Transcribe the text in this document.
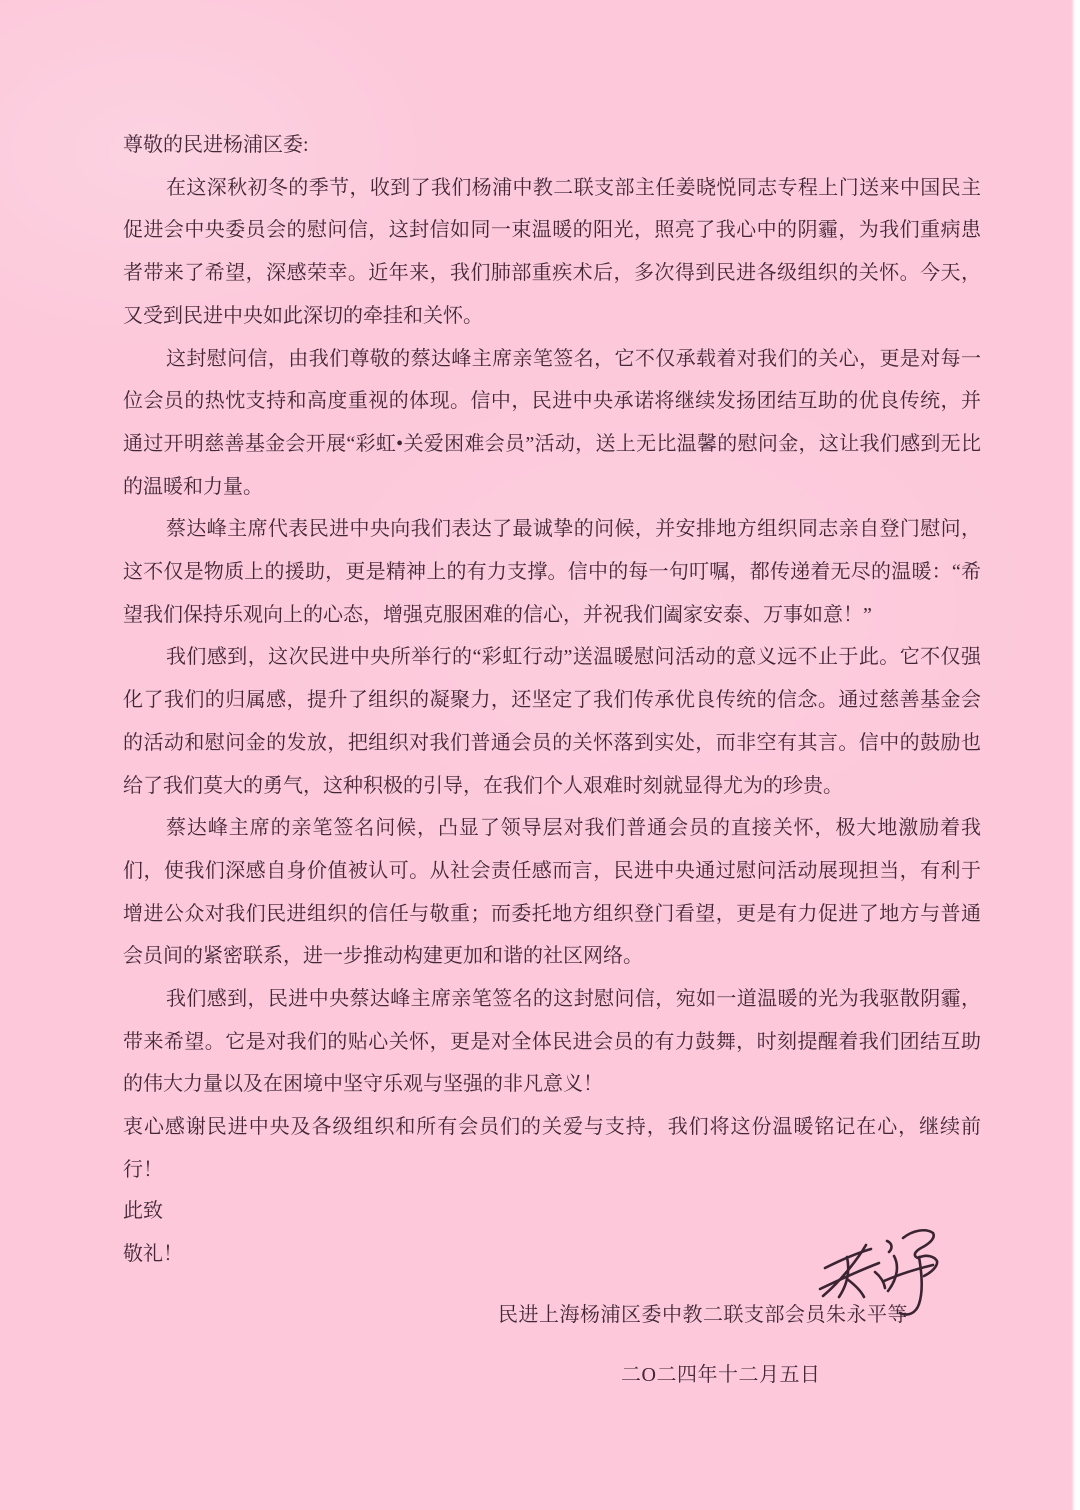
尊敬的民进杨浦区委:

在这深秋初冬的季节，收到了我们杨浦中教二联支部主任姜晓悦同志专程上门送来中国民主促进会中央委员会的慰问信，这封信如同一束温暖的阳光，照亮了我心中的阴霾，为我们重病患者带来了希望，深感荣幸。近年来，我们肺部重疾术后，多次得到民进各级组织的关怀。今天，又受到民进中央如此深切的牵挂和关怀。

这封慰问信，由我们尊敬的蔡达峰主席亲笔签名，它不仅承载着对我们的关心，更是对每一位会员的热忱支持和高度重视的体现。信中，民进中央承诺将继续发扬团结互助的优良传统，并通过开明慈善基金会开展“彩虹•关爱困难会员”活动，送上无比温馨的慰问金，这让我们感到无比的温暖和力量。

蔡达峰主席代表民进中央向我们表达了最诚挚的问候，并安排地方组织同志亲自登门慰问，这不仅是物质上的援助，更是精神上的有力支撑。信中的每一句叮嘱，都传递着无尽的温暖：“希望我们保持乐观向上的心态，增强克服困难的信心，并祝我们阖家安泰、万事如意！”

我们感到，这次民进中央所举行的“彩虹行动”送温暖慰问活动的意义远不止于此。它不仅强化了我们的归属感，提升了组织的凝聚力，还坚定了我们传承优良传统的信念。通过慈善基金会的活动和慰问金的发放，把组织对我们普通会员的关怀落到实处，而非空有其言。信中的鼓励也给了我们莫大的勇气，这种积极的引导，在我们个人艰难时刻就显得尤为的珍贵。

蔡达峰主席的亲笔签名问候，凸显了领导层对我们普通会员的直接关怀，极大地激励着我们，使我们深感自身价值被认可。从社会责任感而言，民进中央通过慰问活动展现担当，有利于增进公众对我们民进组织的信任与敬重；而委托地方组织登门看望，更是有力促进了地方与普通会员间的紧密联系，进一步推动构建更加和谐的社区网络。

我们感到，民进中央蔡达峰主席亲笔签名的这封慰问信，宛如一道温暖的光为我驱散阴霾，带来希望。它是对我们的贴心关怀，更是对全体民进会员的有力鼓舞，时刻提醒着我们团结互助的伟大力量以及在困境中坚守乐观与坚强的非凡意义！

衷心感谢民进中央及各级组织和所有会员们的关爱与支持，我们将这份温暖铭记在心，继续前行！

此致

敬礼！

民进上海杨浦区委中教二联支部会员朱永平等

二O二四年十二月五日
